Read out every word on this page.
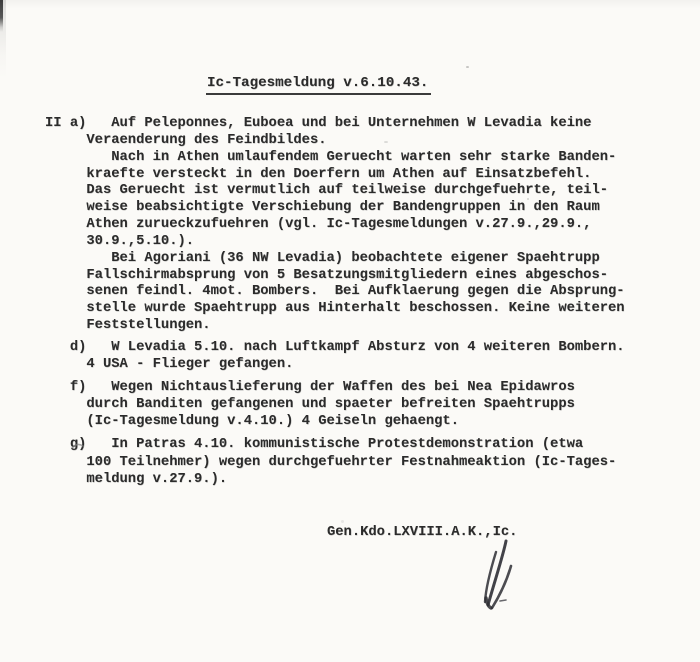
Ic-Tagesmeldung v.6.10.43.
II a)   Auf Peleponnes, Euboea und bei Unternehmen W Levadia keine
Veraenderung des Feindbildes.
Nach in Athen umlaufendem Geruecht warten sehr starke Banden-
kraefte versteckt in den Doerfern um Athen auf Einsatzbefehl.
Das Geruecht ist vermutlich auf teilweise durchgefuehrte, teil-
weise beabsichtigte Verschiebung der Bandengruppen in den Raum
Athen zurueckzufuehren (vgl. Ic-Tagesmeldungen v.27.9.,29.9.,
30.9.,5.10.).
Bei Agoriani (36 NW Levadia) beobachtete eigener Spaehtrupp
Fallschirmabsprung von 5 Besatzungsmitgliedern eines abgeschos-
senen feindl. 4mot. Bombers.  Bei Aufklaerung gegen die Absprung-
stelle wurde Spaehtrupp aus Hinterhalt beschossen. Keine weiteren
Feststellungen.
d)   W Levadia 5.10. nach Luftkampf Absturz von 4 weiteren Bombern.
4 USA - Flieger gefangen.
f)   Wegen Nichtauslieferung der Waffen des bei Nea Epidawros
durch Banditen gefangenen und spaeter befreiten Spaehtrupps
(Ic-Tagesmeldung v.4.10.) 4 Geiseln gehaengt.
g)   In Patras 4.10. kommunistische Protestdemonstration (etwa
100 Teilnehmer) wegen durchgefuehrter Festnahmeaktion (Ic-Tages-
meldung v.27.9.).
Gen.Kdo.LXVIII.A.K.,Ic.
